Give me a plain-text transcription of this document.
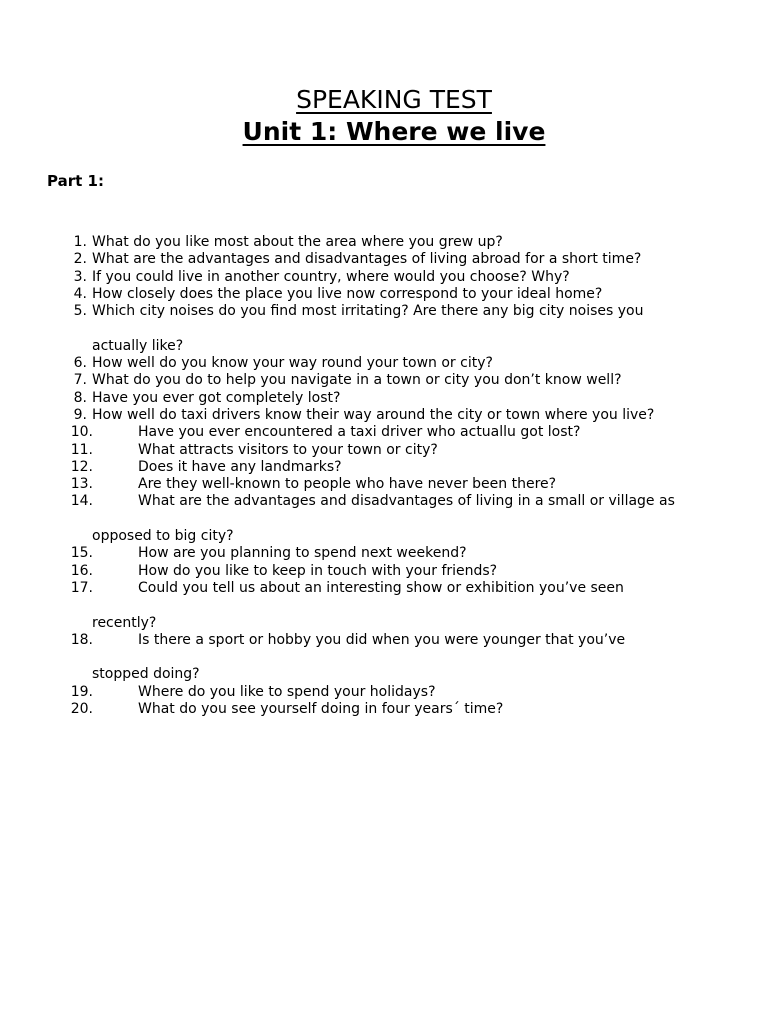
SPEAKING TEST
Unit 1: Where we live

Part 1:

1. What do you like most about the area where you grew up?
2. What are the advantages and disadvantages of living abroad for a short time?
3. If you could live in another country, where would you choose? Why?
4. How closely does the place you live now correspond to your ideal home?
5. Which city noises do you find most irritating? Are there any big city noises you
actually like?
6. How well do you know your way round your town or city?
7. What do you do to help you navigate in a town or city you don’t know well?
8. Have you ever got completely lost?
9. How well do taxi drivers know their way around the city or town where you live?
10.	Have you ever encountered a taxi driver who actuallu got lost?
11.	What attracts visitors to your town or city?
12.	Does it have any landmarks?
13.	Are they well-known to people who have never been there?
14.	What are the advantages and disadvantages of living in a small or village as
opposed to big city?
15.	How are you planning to spend next weekend?
16.	How do you like to keep in touch with your friends?
17.	Could you tell us about an interesting show or exhibition you’ve seen
recently?
18.	Is there a sport or hobby you did when you were younger that you’ve
stopped doing?
19.	Where do you like to spend your holidays?
20.	What do you see yourself doing in four years´ time?
